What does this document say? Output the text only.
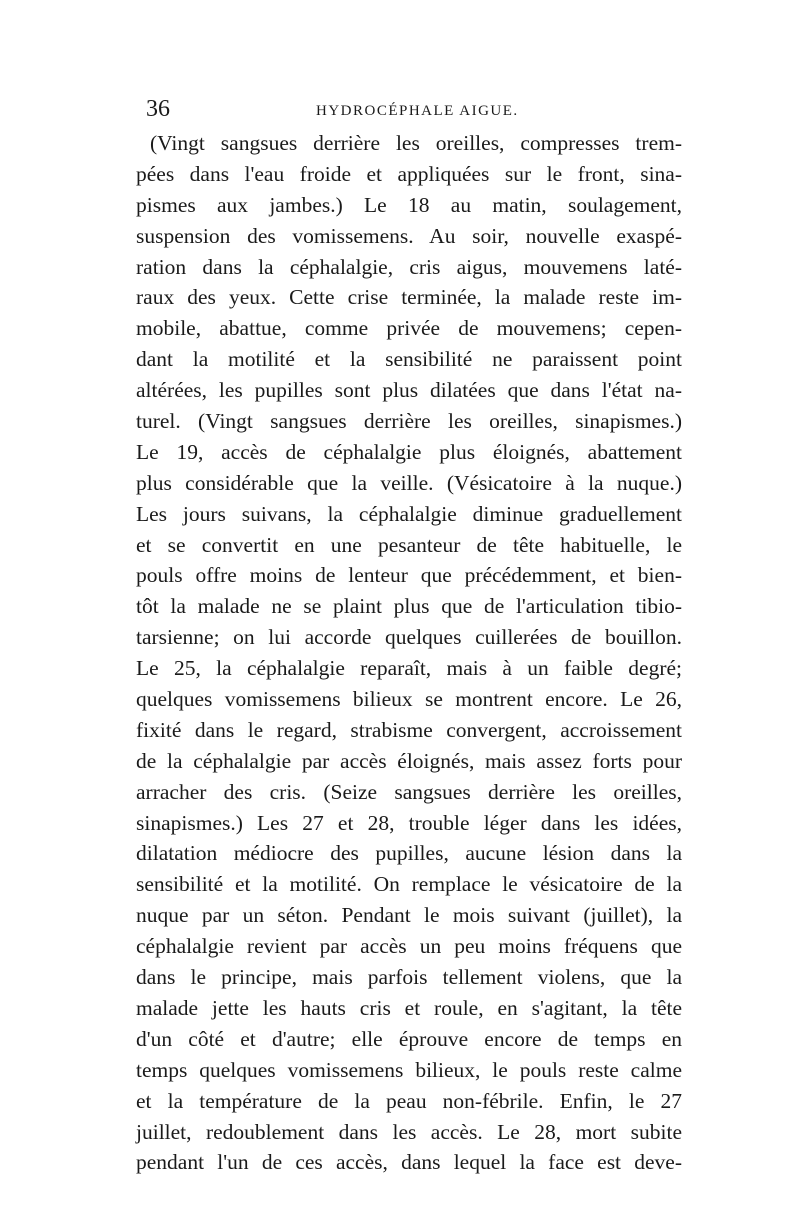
36	HYDROCÉPHALE AIGUE.
(Vingt sangsues derrière les oreilles, compresses trem-
pées dans l'eau froide et appliquées sur le front, sina-
pismes aux jambes.) Le 18 au matin, soulagement,
suspension des vomissemens. Au soir, nouvelle exaspé-
ration dans la céphalalgie, cris aigus, mouvemens laté-
raux des yeux. Cette crise terminée, la malade reste im-
mobile, abattue, comme privée de mouvemens; cepen-
dant la motilité et la sensibilité ne paraissent point
altérées, les pupilles sont plus dilatées que dans l'état na-
turel. (Vingt sangsues derrière les oreilles, sinapismes.)
Le 19, accès de céphalalgie plus éloignés, abattement
plus considérable que la veille. (Vésicatoire à la nuque.)
Les jours suivans, la céphalalgie diminue graduellement
et se convertit en une pesanteur de tête habituelle, le
pouls offre moins de lenteur que précédemment, et bien-
tôt la malade ne se plaint plus que de l'articulation tibio-
tarsienne; on lui accorde quelques cuillerées de bouillon.
Le 25, la céphalalgie reparaît, mais à un faible degré;
quelques vomissemens bilieux se montrent encore. Le 26,
fixité dans le regard, strabisme convergent, accroissement
de la céphalalgie par accès éloignés, mais assez forts pour
arracher des cris. (Seize sangsues derrière les oreilles,
sinapismes.) Les 27 et 28, trouble léger dans les idées,
dilatation médiocre des pupilles, aucune lésion dans la
sensibilité et la motilité. On remplace le vésicatoire de la
nuque par un séton. Pendant le mois suivant (juillet), la
céphalalgie revient par accès un peu moins fréquens que
dans le principe, mais parfois tellement violens, que la
malade jette les hauts cris et roule, en s'agitant, la tête
d'un côté et d'autre; elle éprouve encore de temps en
temps quelques vomissemens bilieux, le pouls reste calme
et la température de la peau non-fébrile. Enfin, le 27
juillet, redoublement dans les accès. Le 28, mort subite
pendant l'un de ces accès, dans lequel la face est deve-
